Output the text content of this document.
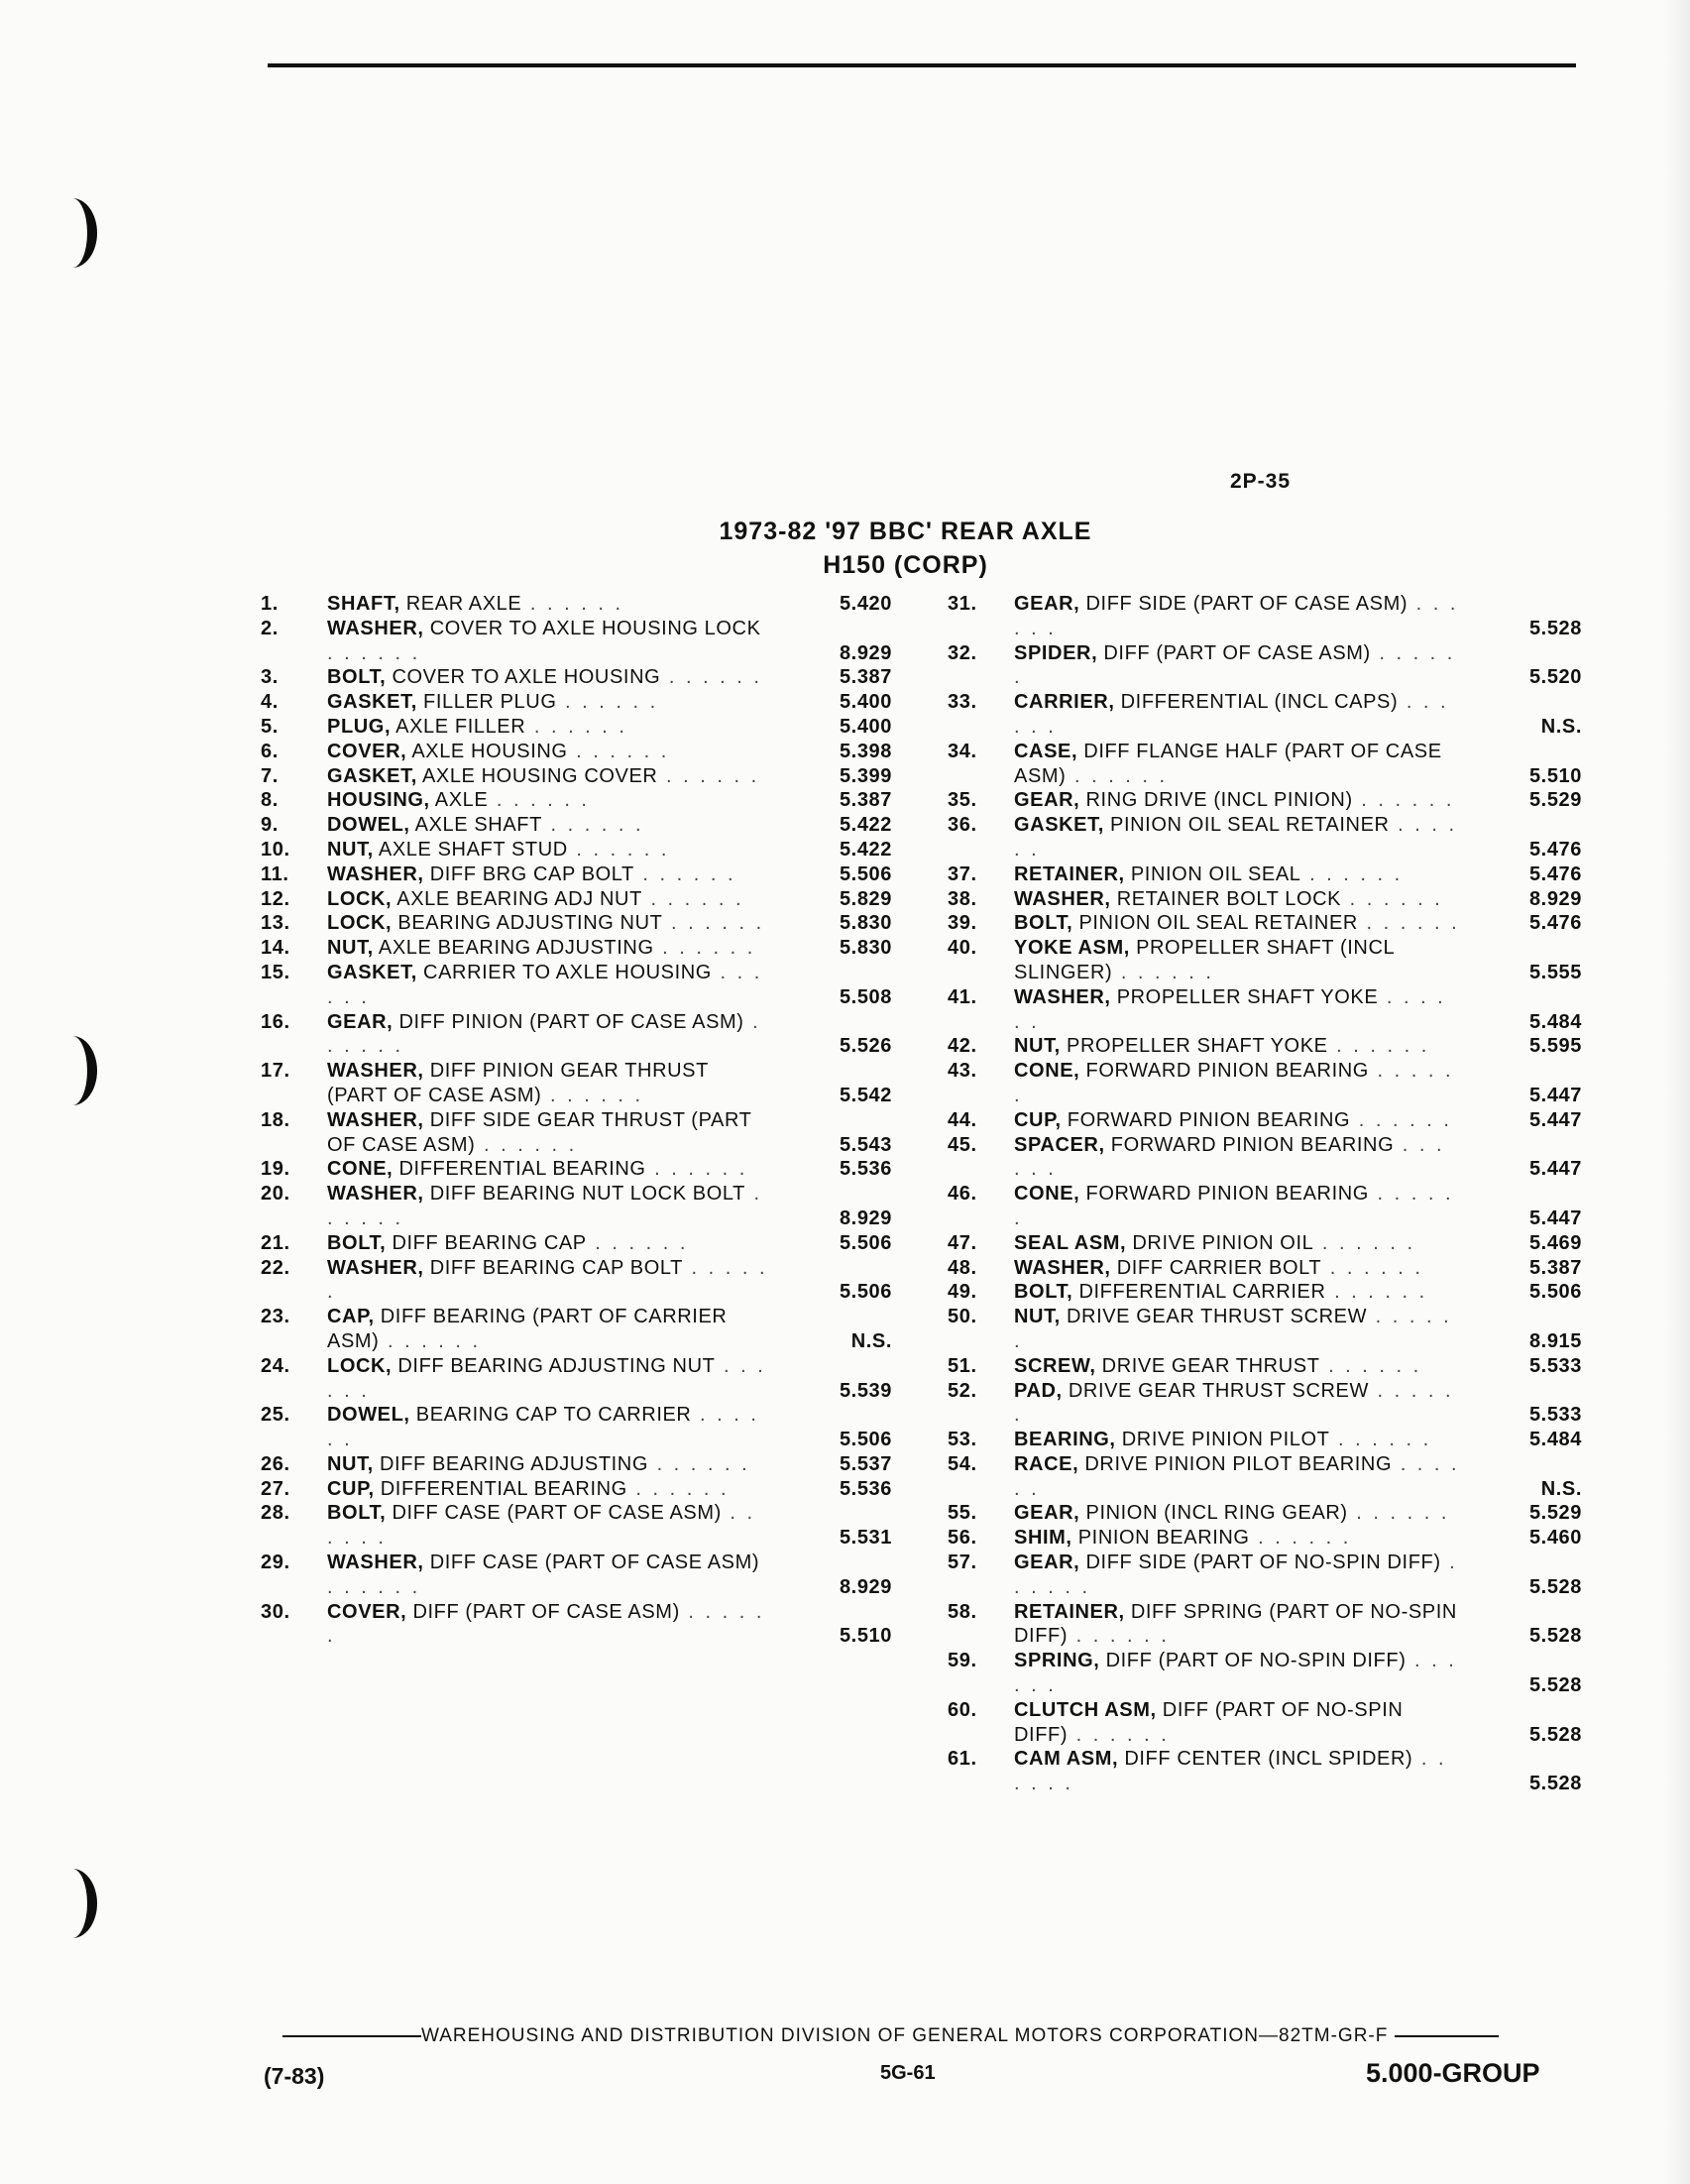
2P-35
1973-82 '97 BBC' REAR AXLE
H150 (CORP)
1. SHAFT, REAR AXLE . . . . . .	5.420
2. WASHER, COVER TO AXLE HOUSING LOCK . . . . . .	8.929
3. BOLT, COVER TO AXLE HOUSING . . . . . .	5.387
4. GASKET, FILLER PLUG . . . . . .	5.400
5. PLUG, AXLE FILLER . . . . . .	5.400
6. COVER, AXLE HOUSING . . . . . .	5.398
7. GASKET, AXLE HOUSING COVER . . . . . .	5.399
8. HOUSING, AXLE . . . . . .	5.387
9. DOWEL, AXLE SHAFT . . . . . .	5.422
10. NUT, AXLE SHAFT STUD . . . . . .	5.422
11. WASHER, DIFF BRG CAP BOLT . . . . . .	5.506
12. LOCK, AXLE BEARING ADJ NUT . . . . . .	5.829
13. LOCK, BEARING ADJUSTING NUT . . . . . .	5.830
14. NUT, AXLE BEARING ADJUSTING . . . . . .	5.830
15. GASKET, CARRIER TO AXLE HOUSING . . . . . .	5.508
16. GEAR, DIFF PINION (PART OF CASE ASM) . . . . . .	5.526
17. WASHER, DIFF PINION GEAR THRUST (PART OF CASE ASM) . . . . . .	5.542
18. WASHER, DIFF SIDE GEAR THRUST (PART OF CASE ASM) . . . . . .	5.543
19. CONE, DIFFERENTIAL BEARING . . . . . .	5.536
20. WASHER, DIFF BEARING NUT LOCK BOLT . . . . . .	8.929
21. BOLT, DIFF BEARING CAP . . . . . .	5.506
22. WASHER, DIFF BEARING CAP BOLT . . . . . .	5.506
23. CAP, DIFF BEARING (PART OF CARRIER ASM) . . . . . .	N.S.
24. LOCK, DIFF BEARING ADJUSTING NUT . . . . . .	5.539
25. DOWEL, BEARING CAP TO CARRIER . . . . . .	5.506
26. NUT, DIFF BEARING ADJUSTING . . . . . .	5.537
27. CUP, DIFFERENTIAL BEARING . . . . . .	5.536
28. BOLT, DIFF CASE (PART OF CASE ASM) . . . . . .	5.531
29. WASHER, DIFF CASE (PART OF CASE ASM) . . . . . .	8.929
30. COVER, DIFF (PART OF CASE ASM) . . . . . .	5.510
31. GEAR, DIFF SIDE (PART OF CASE ASM) . . . . . .	5.528
32. SPIDER, DIFF (PART OF CASE ASM) . . . . . .	5.520
33. CARRIER, DIFFERENTIAL (INCL CAPS) . . . . . .	N.S.
34. CASE, DIFF FLANGE HALF (PART OF CASE ASM) . . . . . .	5.510
35. GEAR, RING DRIVE (INCL PINION) . . . . . .	5.529
36. GASKET, PINION OIL SEAL RETAINER . . . . . .	5.476
37. RETAINER, PINION OIL SEAL . . . . . .	5.476
38. WASHER, RETAINER BOLT LOCK . . . . . .	8.929
39. BOLT, PINION OIL SEAL RETAINER . . . . . .	5.476
40. YOKE ASM, PROPELLER SHAFT (INCL SLINGER) . . . . . .	5.555
41. WASHER, PROPELLER SHAFT YOKE . . . . . .	5.484
42. NUT, PROPELLER SHAFT YOKE . . . . . .	5.595
43. CONE, FORWARD PINION BEARING . . . . . .	5.447
44. CUP, FORWARD PINION BEARING . . . . . .	5.447
45. SPACER, FORWARD PINION BEARING . . . . . .	5.447
46. CONE, FORWARD PINION BEARING . . . . . .	5.447
47. SEAL ASM, DRIVE PINION OIL . . . . . .	5.469
48. WASHER, DIFF CARRIER BOLT . . . . . .	5.387
49. BOLT, DIFFERENTIAL CARRIER . . . . . .	5.506
50. NUT, DRIVE GEAR THRUST SCREW . . . . . .	8.915
51. SCREW, DRIVE GEAR THRUST . . . . . .	5.533
52. PAD, DRIVE GEAR THRUST SCREW . . . . . .	5.533
53. BEARING, DRIVE PINION PILOT . . . . . .	5.484
54. RACE, DRIVE PINION PILOT BEARING . . . . . .	N.S.
55. GEAR, PINION (INCL RING GEAR) . . . . . .	5.529
56. SHIM, PINION BEARING . . . . . .	5.460
57. GEAR, DIFF SIDE (PART OF NO-SPIN DIFF) . . . . . .	5.528
58. RETAINER, DIFF SPRING (PART OF NO-SPIN DIFF) . . . . . .	5.528
59. SPRING, DIFF (PART OF NO-SPIN DIFF) . . . . . .	5.528
60. CLUTCH ASM, DIFF (PART OF NO-SPIN DIFF) . . . . . .	5.528
61. CAM ASM, DIFF CENTER (INCL SPIDER) . . . . . .	5.528
WAREHOUSING AND DISTRIBUTION DIVISION OF GENERAL MOTORS CORPORATION—82TM-GR-F
(7-83)	5G-61	5.000-GROUP
